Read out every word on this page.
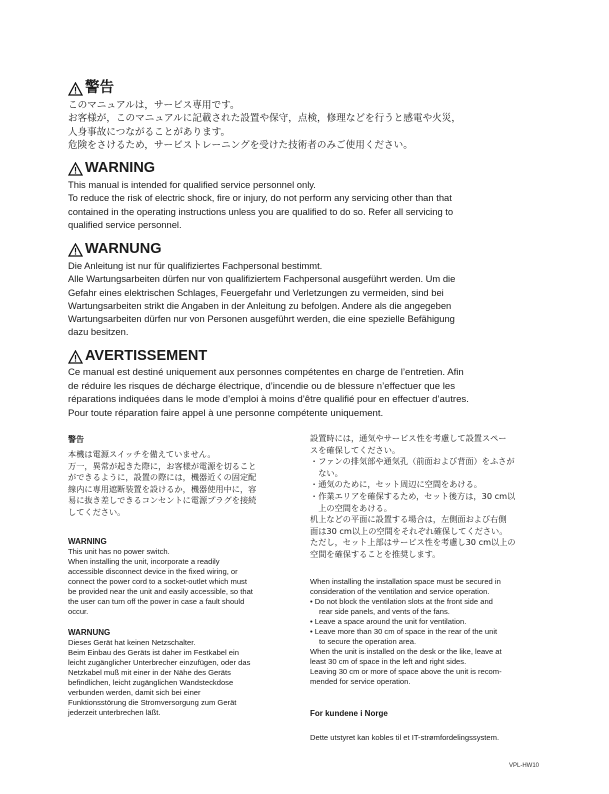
警告
このマニュアルは，サービス専用です。
お客様が，このマニュアルに記載された設置や保守，点検，修理などを行うと感電や火災，
人身事故につながることがあります。
危険をさけるため，サービストレーニングを受けた技術者のみご使用ください。
WARNING
This manual is intended for qualified service personnel only.
To reduce the risk of electric shock, fire or injury, do not perform any servicing other than that
contained in the operating instructions unless you are qualified to do so. Refer all servicing to
qualified service personnel.
WARNUNG
Die Anleitung ist nur für qualifiziertes Fachpersonal bestimmt.
Alle Wartungsarbeiten dürfen nur von qualifiziertem Fachpersonal ausgeführt werden. Um die
Gefahr eines elektrischen Schlages, Feuergefahr und Verletzungen zu vermeiden, sind bei
Wartungsarbeiten strikt die Angaben in der Anleitung zu befolgen. Andere als die angegeben
Wartungsarbeiten dürfen nur von Personen ausgeführt werden, die eine spezielle Befähigung
dazu besitzen.
AVERTISSEMENT
Ce manual est destiné uniquement aux personnes compétentes en charge de l’entretien. Afin
de réduire les risques de décharge électrique, d’incendie ou de blessure n’effectuer que les
réparations indiquées dans le mode d’emploi à moins d’être qualifié pour en effectuer d’autres.
Pour toute réparation faire appel à une personne compétente uniquement.
警告
本機は電源スイッチを備えていません。
万一，異常が起きた際に，お客様が電源を切ること
ができるように，設置の際には，機器近くの固定配
線内に専用遮断装置を設けるか，機器使用中に，容
易に抜き差しできるコンセントに電源プラグを接続
してください。
WARNING
This unit has no power switch.
When installing the unit, incorporate a readily
accessible disconnect device in the fixed wiring, or
connect the power cord to a socket-outlet which must
be provided near the unit and easily accessible, so that
the user can turn off the power in case a fault should
occur.
WARNUNG
Dieses Gerät hat keinen Netzschalter.
Beim Einbau des Geräts ist daher im Festkabel ein
leicht zugänglicher Unterbrecher einzufügen, oder das
Netzkabel muß mit einer in der Nähe des Geräts
befindlichen, leicht zugänglichen Wandsteckdose
verbunden werden, damit sich bei einer
Funktionsstörung die Stromversorgung zum Gerät
jederzeit unterbrechen läßt.
設置時には，通気やサービス性を考慮して設置スペー
スを確保してください。
・ファンの排気部や通気孔（前面および背面）をふさが
　ない。
・通気のために，セット周辺に空間をあける。
・作業エリアを確保するため，セット後方は，30 cm以
　上の空間をあける。
机上などの平面に設置する場合は，左側面および右側
面は30 cm以上の空間をそれぞれ確保してください。
ただし，セット上部はサービス性を考慮し30 cm以上の
空間を確保することを推奨します。
When installing the installation space must be secured in
consideration of the ventilation and service operation.
• Do not block the ventilation slots at the front side and
rear side panels, and vents of the fans.
• Leave a space around the unit for ventilation.
• Leave more than 30 cm of space in the rear of the unit
to secure the operation area.
When the unit is installed on the desk or the like, leave at
least 30 cm of space in the left and right sides.
Leaving 30 cm or more of space above the unit is recom-
mended for service operation.
For kundene i Norge
Dette utstyret kan kobles til et IT-strømfordelingssystem.
VPL-HW10
